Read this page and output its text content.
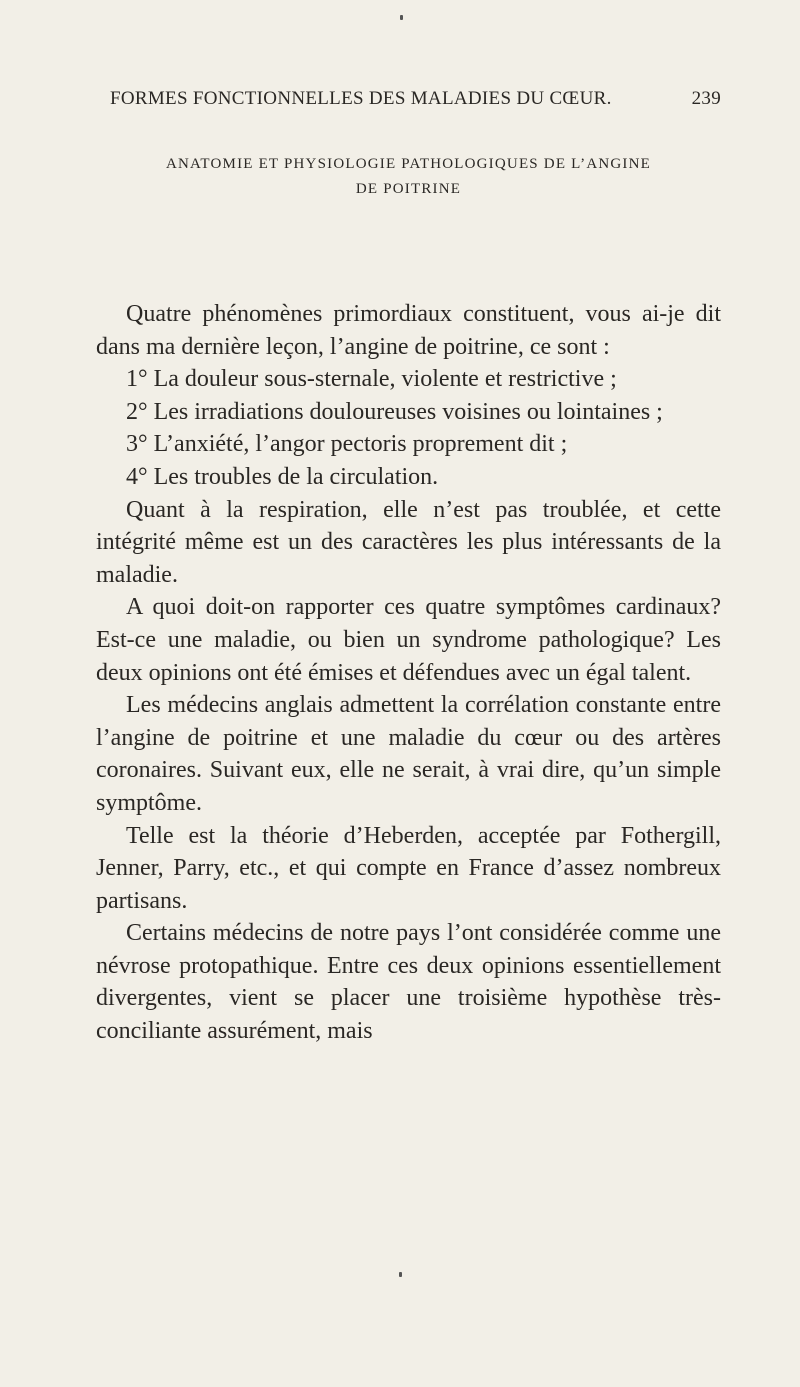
FORMES FONCTIONNELLES DES MALADIES DU CŒUR.	239
ANATOMIE ET PHYSIOLOGIE PATHOLOGIQUES DE L’ANGINE
DE POITRINE

Quatre phénomènes primordiaux constituent, vous ai-je dit dans ma dernière leçon, l’angine de poitrine, ce sont :

1° La douleur sous-sternale, violente et restrictive ;

2° Les irradiations douloureuses voisines ou lointaines ;

3° L’anxiété, l’angor pectoris proprement dit ;

4° Les troubles de la circulation.

Quant à la respiration, elle n’est pas troublée, et cette intégrité même est un des caractères les plus intéressants de la maladie.

A quoi doit-on rapporter ces quatre symptômes cardinaux? Est-ce une maladie, ou bien un syndrome pathologique? Les deux opinions ont été émises et défendues avec un égal talent.

Les médecins anglais admettent la corrélation constante entre l’angine de poitrine et une maladie du cœur ou des artères coronaires. Suivant eux, elle ne serait, à vrai dire, qu’un simple symptôme.

Telle est la théorie d’Heberden, acceptée par Fothergill, Jenner, Parry, etc., et qui compte en France d’assez nombreux partisans.

Certains médecins de notre pays l’ont considérée comme une névrose protopathique. Entre ces deux opinions essentiellement divergentes, vient se placer une troisième hypothèse très-conciliante assurément, mais
